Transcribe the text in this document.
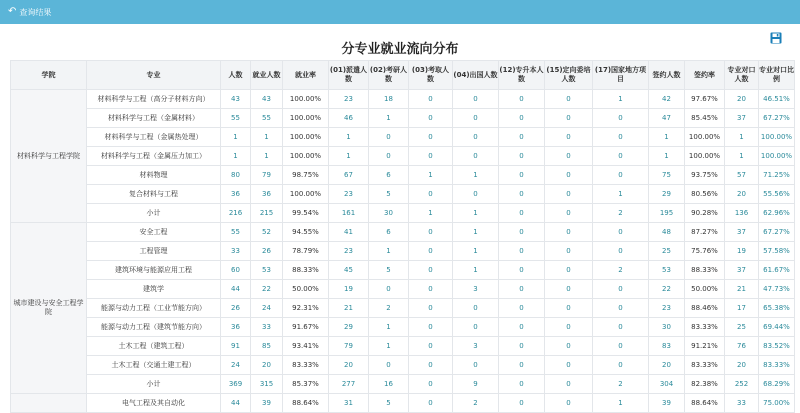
↶ 查询结果
分专业就业流向分布
学院	专业	人数	就业人数	就业率	(01)派遣人数	(02)考研人数	(03)考取人数	(04)出国人数	(12)专升本人数	(15)定向委培人数	(17)国家地方项目	签约人数	签约率	专业对口人数	专业对口比例
材料科学与工程学院	材料科学与工程（高分子材料方向）	43	43	100.00%	23	18	0	0	0	0	1	42	97.67%	20	46.51%
	材料科学与工程（金属材料）	55	55	100.00%	46	1	0	0	0	0	0	47	85.45%	37	67.27%
	材料科学与工程（金属热处理）	1	1	100.00%	1	0	0	0	0	0	0	1	100.00%	1	100.00%
	材料科学与工程（金属压力加工）	1	1	100.00%	1	0	0	0	0	0	0	1	100.00%	1	100.00%
	材料物理	80	79	98.75%	67	6	1	1	0	0	0	75	93.75%	57	71.25%
	复合材料与工程	36	36	100.00%	23	5	0	0	0	0	1	29	80.56%	20	55.56%
	小计	216	215	99.54%	161	30	1	1	0	0	2	195	90.28%	136	62.96%
城市建设与安全工程学院	安全工程	55	52	94.55%	41	6	0	1	0	0	0	48	87.27%	37	67.27%
	工程管理	33	26	78.79%	23	1	0	1	0	0	0	25	75.76%	19	57.58%
	建筑环境与能源应用工程	60	53	88.33%	45	5	0	1	0	0	2	53	88.33%	37	61.67%
	建筑学	44	22	50.00%	19	0	0	3	0	0	0	22	50.00%	21	47.73%
	能源与动力工程（工业节能方向）	26	24	92.31%	21	2	0	0	0	0	0	23	88.46%	17	65.38%
	能源与动力工程（建筑节能方向）	36	33	91.67%	29	1	0	0	0	0	0	30	83.33%	25	69.44%
	土木工程（建筑工程）	91	85	93.41%	79	1	0	3	0	0	0	83	91.21%	76	83.52%
	土木工程（交通土建工程）	24	20	83.33%	20	0	0	0	0	0	0	20	83.33%	20	83.33%
	小计	369	315	85.37%	277	16	0	9	0	0	2	304	82.38%	252	68.29%
	电气工程及其自动化	44	39	88.64%	31	5	0	2	0	0	1	39	88.64%	33	75.00%
